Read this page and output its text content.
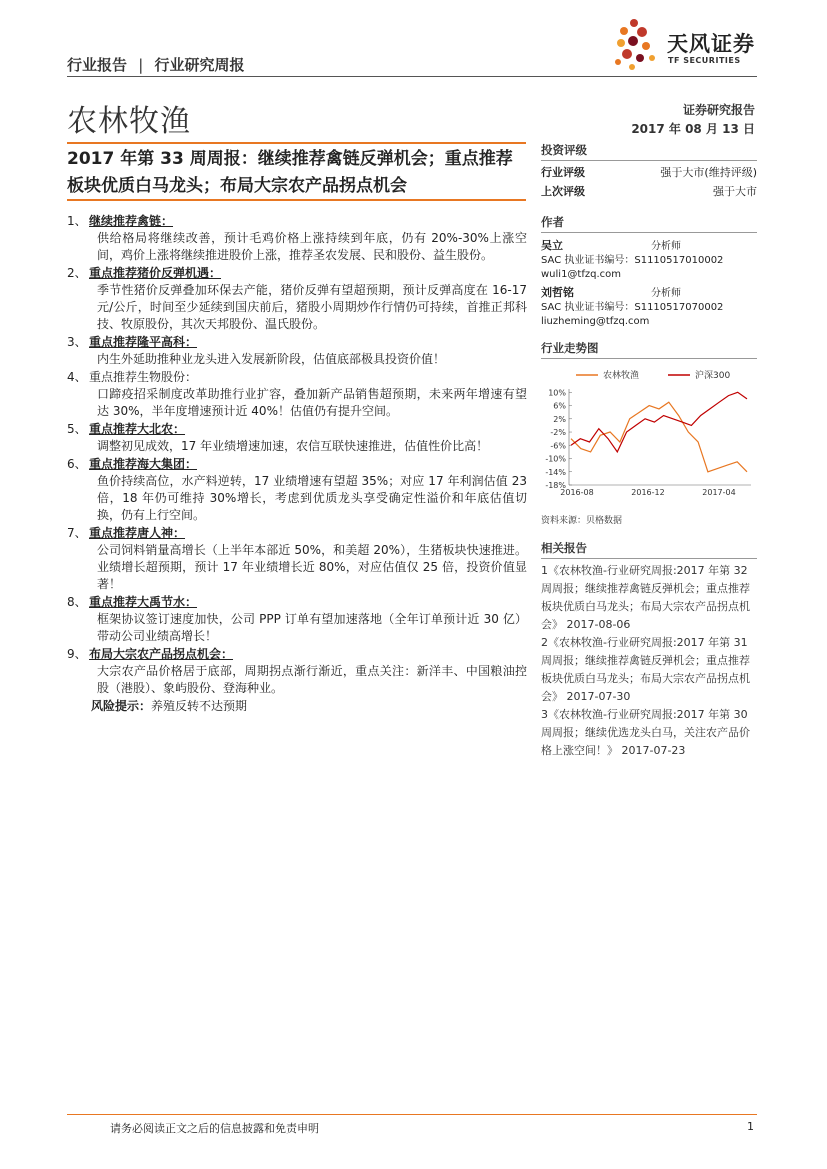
行业报告 | 行业研究周报
天风证券
TF SECURITIES
农林牧渔	证券研究报告
2017 年 08 月 13 日
2017 年第 33 周周报：继续推荐禽链反弹机会；重点推荐板块优质白马龙头；布局大宗农产品拐点机会
1、 继续推荐禽链：
供给格局将继续改善，预计毛鸡价格上涨持续到年底，仍有 20%-30%上涨空间，鸡价上涨将继续推进股价上涨，推荐圣农发展、民和股份、益生股份。
2、 重点推荐猪价反弹机遇：
季节性猪价反弹叠加环保去产能，猪价反弹有望超预期，预计反弹高度在 16-17 元/公斤，时间至少延续到国庆前后，猪股小周期炒作行情仍可持续，首推正邦科技、牧原股份，其次天邦股份、温氏股份。
3、 重点推荐隆平高科：
内生外延助推种业龙头进入发展新阶段，估值底部极具投资价值！
4、 重点推荐生物股份：
口蹄疫招采制度改革助推行业扩容，叠加新产品销售超预期，未来两年增速有望达 30%，半年度增速预计近 40%！估值仍有提升空间。
5、 重点推荐大北农：
调整初见成效，17 年业绩增速加速，农信互联快速推进，估值性价比高！
6、 重点推荐海大集团：
鱼价持续高位，水产料逆转，17 业绩增速有望超 35%；对应 17 年利润估值 23 倍，18 年仍可维持 30%增长，考虑到优质龙头享受确定性溢价和年底估值切换，仍有上行空间。
7、 重点推荐唐人神：
公司饲料销量高增长（上半年本部近 50%，和美超 20%），生猪板块快速推进。业绩增长超预期，预计 17 年业绩增长近 80%，对应估值仅 25 倍，投资价值显著！
8、 重点推荐大禹节水：
框架协议签订速度加快，公司 PPP 订单有望加速落地（全年订单预计近 30 亿）带动公司业绩高增长！
9、 布局大宗农产品拐点机会：
大宗农产品价格居于底部，周期拐点渐行渐近，重点关注：新洋丰、中国粮油控股（港股）、象屿股份、登海种业。
风险提示：养殖反转不达预期
投资评级
行业评级	强于大市(维持评级)
上次评级	强于大市
作者
吴立	分析师
SAC 执业证书编号：S1110517010002
wuli1@tfzq.com
刘哲铭	分析师
SAC 执业证书编号：S1110517070002
liuzheming@tfzq.com
行业走势图
农林牧渔	沪深300
10%
6%
2%
-2%
-6%
-10%
-14%
-18%
2016-08	2016-12	2017-04
资料来源：贝格数据
相关报告
1《农林牧渔-行业研究周报:2017 年第 32 周周报；继续推荐禽链反弹机会；重点推荐板块优质白马龙头；布局大宗农产品拐点机会》 2017-08-06
2《农林牧渔-行业研究周报:2017 年第 31 周周报；继续推荐禽链反弹机会；重点推荐板块优质白马龙头；布局大宗农产品拐点机会》 2017-07-30
3《农林牧渔-行业研究周报:2017 年第 30 周周报；继续优选龙头白马，关注农产品价格上涨空间！》 2017-07-23
请务必阅读正文之后的信息披露和免责申明	1
